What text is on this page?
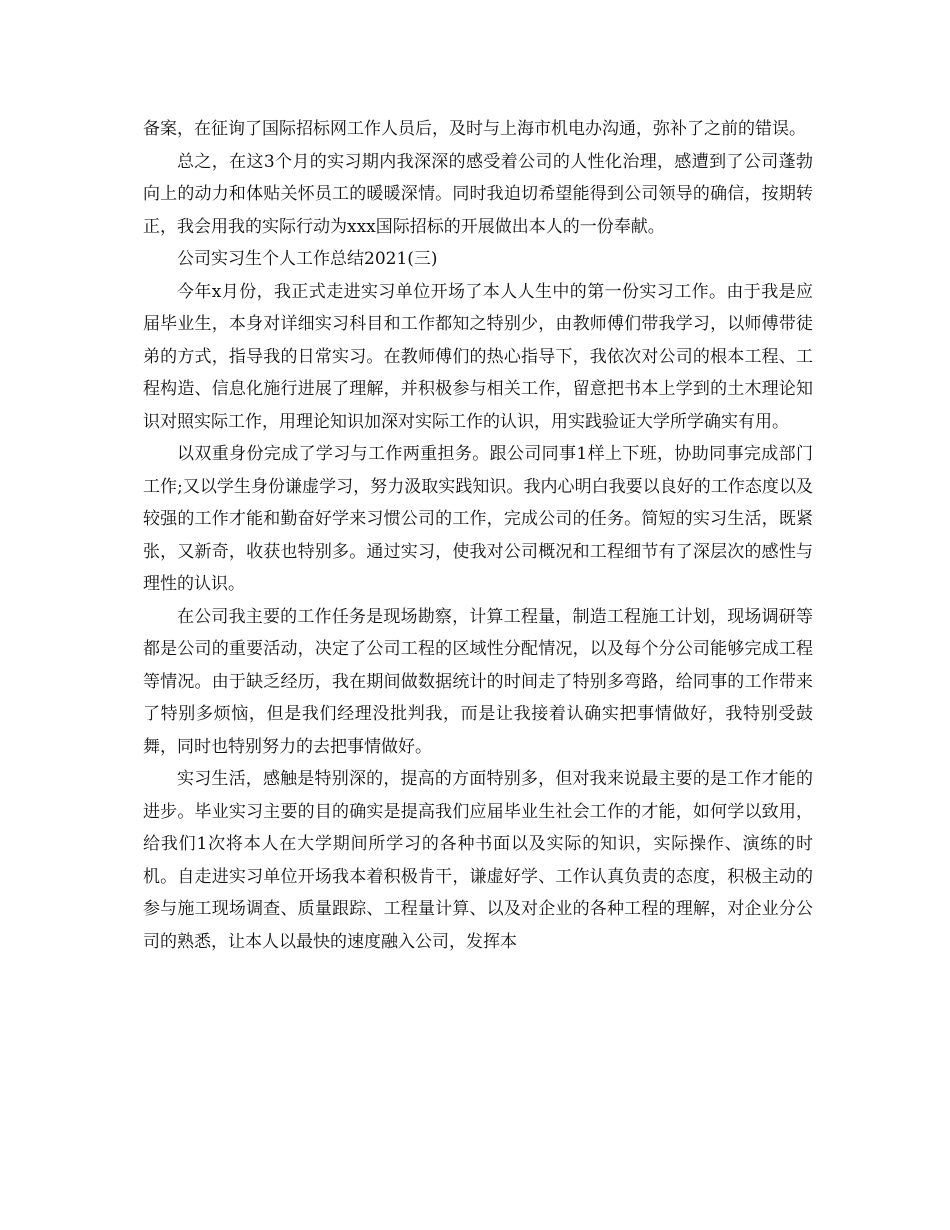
备案，在征询了国际招标网工作人员后，及时与上海市机电办沟通，弥补了之前的错误。

总之，在这3个月的实习期内我深深的感受着公司的人性化治理，感遭到了公司蓬勃向上的动力和体贴关怀员工的暖暖深情。同时我迫切希望能得到公司领导的确信，按期转正，我会用我的实际行动为xxx国际招标的开展做出本人的一份奉献。

公司实习生个人工作总结2021(三)

今年x月份，我正式走进实习单位开场了本人人生中的第一份实习工作。由于我是应届毕业生，本身对详细实习科目和工作都知之特别少，由教师傅们带我学习，以师傅带徒弟的方式，指导我的日常实习。在教师傅们的热心指导下，我依次对公司的根本工程、工程构造、信息化施行进展了理解，并积极参与相关工作，留意把书本上学到的土木理论知识对照实际工作，用理论知识加深对实际工作的认识，用实践验证大学所学确实有用。

以双重身份完成了学习与工作两重担务。跟公司同事1样上下班，协助同事完成部门工作;又以学生身份谦虚学习，努力汲取实践知识。我内心明白我要以良好的工作态度以及较强的工作才能和勤奋好学来习惯公司的工作，完成公司的任务。简短的实习生活，既紧张，又新奇，收获也特别多。通过实习，使我对公司概况和工程细节有了深层次的感性与理性的认识。

在公司我主要的工作任务是现场勘察，计算工程量，制造工程施工计划，现场调研等都是公司的重要活动，决定了公司工程的区域性分配情况，以及每个分公司能够完成工程等情况。由于缺乏经历，我在期间做数据统计的时间走了特别多弯路，给同事的工作带来了特别多烦恼，但是我们经理没批判我，而是让我接着认确实把事情做好，我特别受鼓舞，同时也特别努力的去把事情做好。

实习生活，感触是特别深的，提高的方面特别多，但对我来说最主要的是工作才能的进步。毕业实习主要的目的确实是提高我们应届毕业生社会工作的才能，如何学以致用，给我们1次将本人在大学期间所学习的各种书面以及实际的知识，实际操作、演练的时机。自走进实习单位开场我本着积极肯干，谦虚好学、工作认真负责的态度，积极主动的参与施工现场调查、质量跟踪、工程量计算、以及对企业的各种工程的理解，对企业分公司的熟悉，让本人以最快的速度融入公司，发挥本
